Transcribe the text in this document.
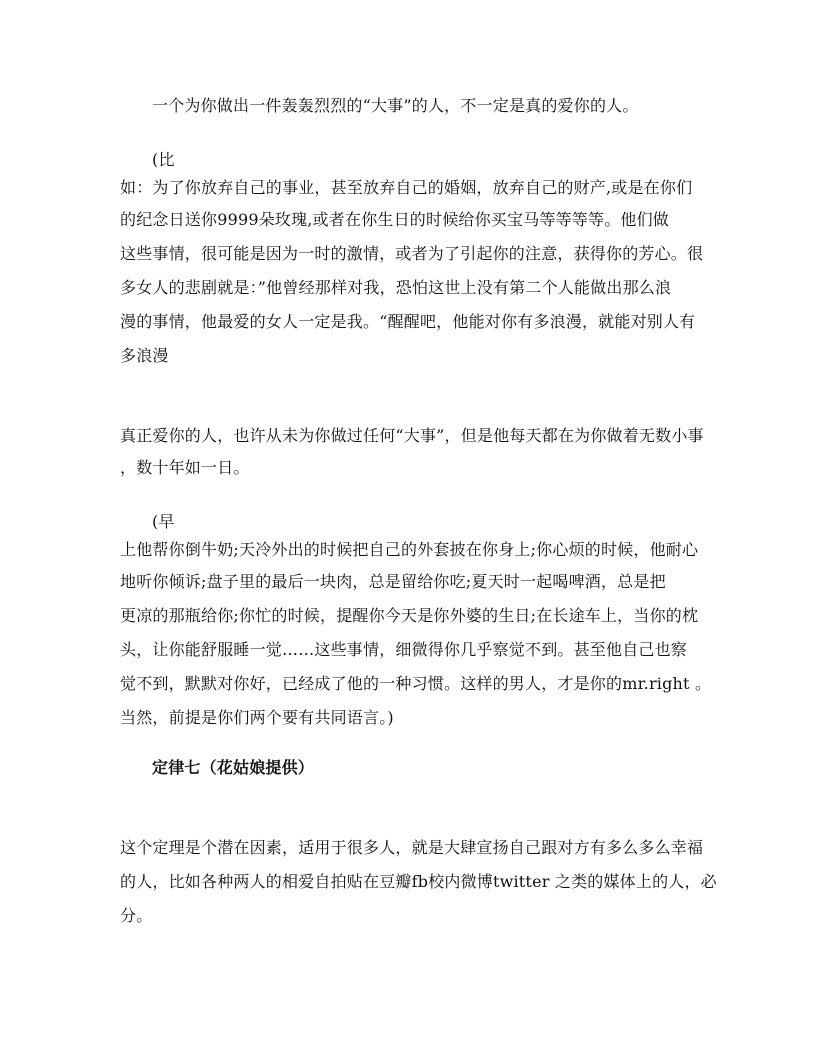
一个为你做出一件轰轰烈烈的“大事”的人，不一定是真的爱你的人。
(比
如：为了你放弃自己的事业，甚至放弃自己的婚姻，放弃自己的财产,或是在你们
的纪念日送你9999朵玫瑰,或者在你生日的时候给你买宝马等等等等。他们做
这些事情，很可能是因为一时的激情，或者为了引起你的注意，获得你的芳心。很
多女人的悲剧就是：”他曾经那样对我，恐怕这世上没有第二个人能做出那么浪
漫的事情，他最爱的女人一定是我。“醒醒吧，他能对你有多浪漫，就能对别人有
多浪漫
真正爱你的人，也许从未为你做过任何“大事”，但是他每天都在为你做着无数小事
，数十年如一日。
(早
上他帮你倒牛奶;天冷外出的时候把自己的外套披在你身上;你心烦的时候，他耐心
地听你倾诉;盘子里的最后一块肉，总是留给你吃;夏天时一起喝啤酒，总是把
更凉的那瓶给你;你忙的时候，提醒你今天是你外婆的生日;在长途车上，当你的枕
头，让你能舒服睡一觉……这些事情，细微得你几乎察觉不到。甚至他自己也察
觉不到，默默对你好，已经成了他的一种习惯。这样的男人，才是你的mr.right 。
当然，前提是你们两个要有共同语言。)
定律七（花姑娘提供）
这个定理是个潜在因素，适用于很多人，就是大肆宣扬自己跟对方有多么多么幸福
的人，比如各种两人的相爱自拍贴在豆瓣fb校内微博twitter 之类的媒体上的人，必
分。
